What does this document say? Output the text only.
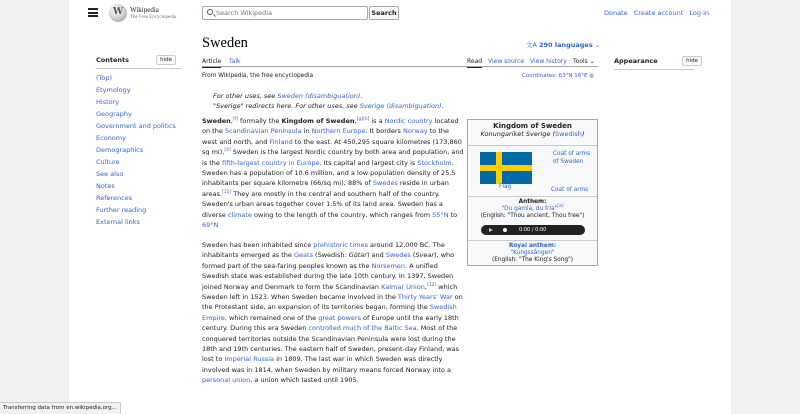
W
Wikipedia
The Free Encyclopedia
Search Wikipedia
Search	Donate Create account Log in
Contents	hide
(Top)
Etymology
History
Geography
Government and politics
Economy
Demographics
Culture
See also
Notes
References
Further reading
External links
Sweden	文A 290 languages ⌄
Article Talk	Read View source View history Tools ⌄
From Wikipedia, the free encyclopedia	Coordinates: 63°N 16°E ◍
For other uses, see Sweden (disambiguation).
"Sverige" redirects here. For other uses, see Sverige (disambiguation).
Sweden,[f] formally the Kingdom of Sweden,[g][h] is a Nordic country located on the Scandinavian Peninsula in Northern Europe. It borders Norway to the west and north, and Finland to the east. At 450,295 square kilometres (173,860 sq mi),[4] Sweden is the largest Nordic country by both area and population, and is the fifth-largest country in Europe. Its capital and largest city is Stockholm. Sweden has a population of 10.6 million, and a low population density of 25.5 inhabitants per square kilometre (66/sq mi); 88% of Swedes reside in urban areas.[11] They are mostly in the central and southern half of the country. Sweden's urban areas together cover 1.5% of its land area. Sweden has a diverse climate owing to the length of the country, which ranges from 55°N to 69°N
Sweden has been inhabited since prehistoric times around 12,000 BC. The inhabitants emerged as the Geats (Swedish: Götar) and Swedes (Svear), who formed part of the sea-faring peoples known as the Norsemen. A unified Swedish state was established during the late 10th century. In 1397, Sweden joined Norway and Denmark to form the Scandinavian Kalmar Union,[12] which Sweden left in 1523. When Sweden became involved in the Thirty Years' War on the Protestant side, an expansion of its territories began, forming the Swedish Empire, which remained one of the great powers of Europe until the early 18th century. During this era Sweden controlled much of the Baltic Sea. Most of the conquered territories outside the Scandinavian Peninsula were lost during the 18th and 19th centuries. The eastern half of Sweden, present-day Finland, was lost to Imperial Russia in 1809. The last war in which Sweden was directly involved was in 1814, when Sweden by military means forced Norway into a personal union, a union which lasted until 1905.
Kingdom of Sweden
Konungariket Sverige (Swedish)
Flag
Coat of arms of Sweden
Coat of arms
Anthem:
"Du gamla, du fria"[a]
(English: "Thou ancient, Thou free")
0:00 / 0:00
Royal anthem:
"Kungssången"
(English: "The King's Song")
Appearance	hide
Transferring data from en.wikipedia.org...
